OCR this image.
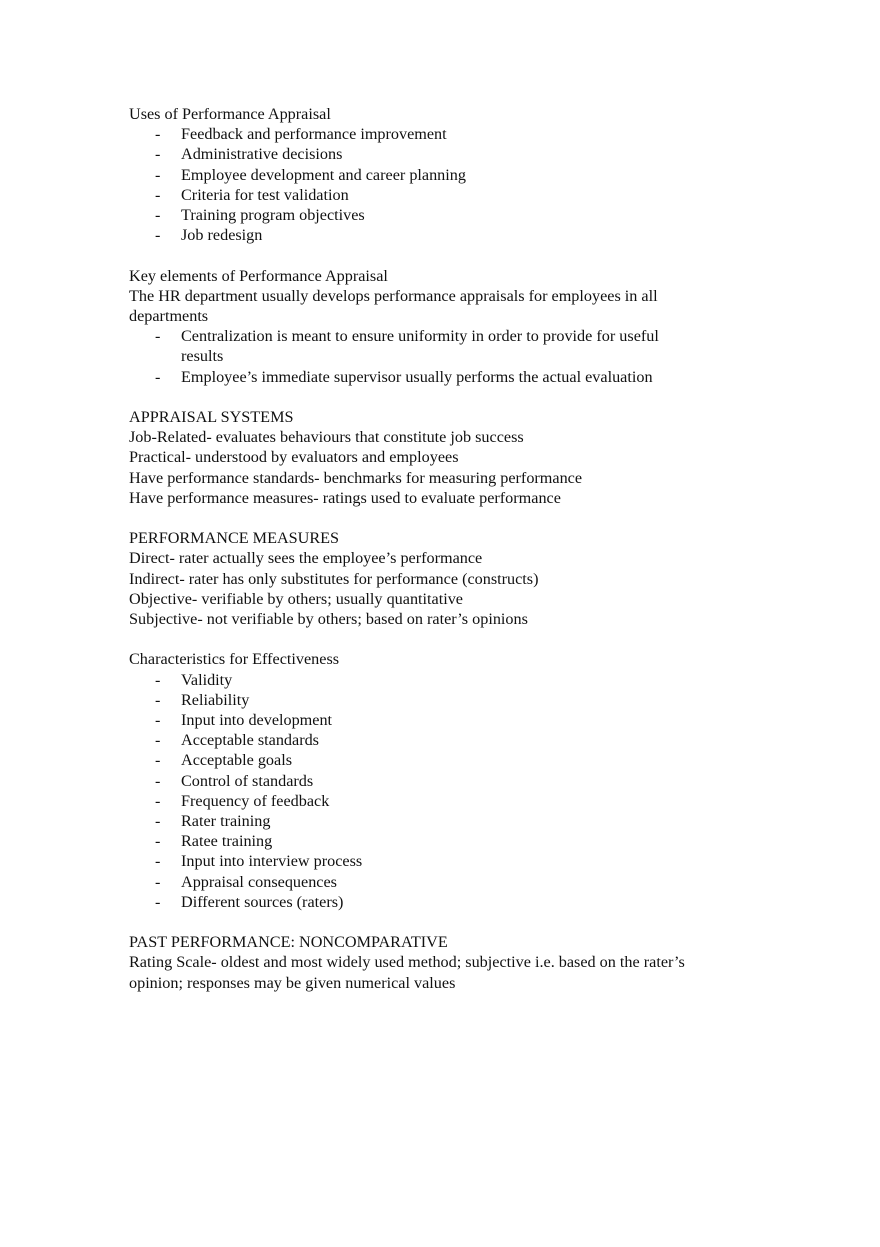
Uses of Performance Appraisal
- Feedback and performance improvement
- Administrative decisions
- Employee development and career planning
- Criteria for test validation
- Training program objectives
- Job redesign
Key elements of Performance Appraisal
The HR department usually develops performance appraisals for employees in all departments
- Centralization is meant to ensure uniformity in order to provide for useful results
- Employee’s immediate supervisor usually performs the actual evaluation
APPRAISAL SYSTEMS
Job-Related- evaluates behaviours that constitute job success
Practical- understood by evaluators and employees
Have performance standards- benchmarks for measuring performance
Have performance measures- ratings used to evaluate performance
PERFORMANCE MEASURES
Direct- rater actually sees the employee’s performance
Indirect- rater has only substitutes for performance (constructs)
Objective- verifiable by others; usually quantitative
Subjective- not verifiable by others; based on rater’s opinions
Characteristics for Effectiveness
- Validity
- Reliability
- Input into development
- Acceptable standards
- Acceptable goals
- Control of standards
- Frequency of feedback
- Rater training
- Ratee training
- Input into interview process
- Appraisal consequences
- Different sources (raters)
PAST PERFORMANCE: NONCOMPARATIVE
Rating Scale- oldest and most widely used method; subjective i.e. based on the rater’s opinion; responses may be given numerical values
